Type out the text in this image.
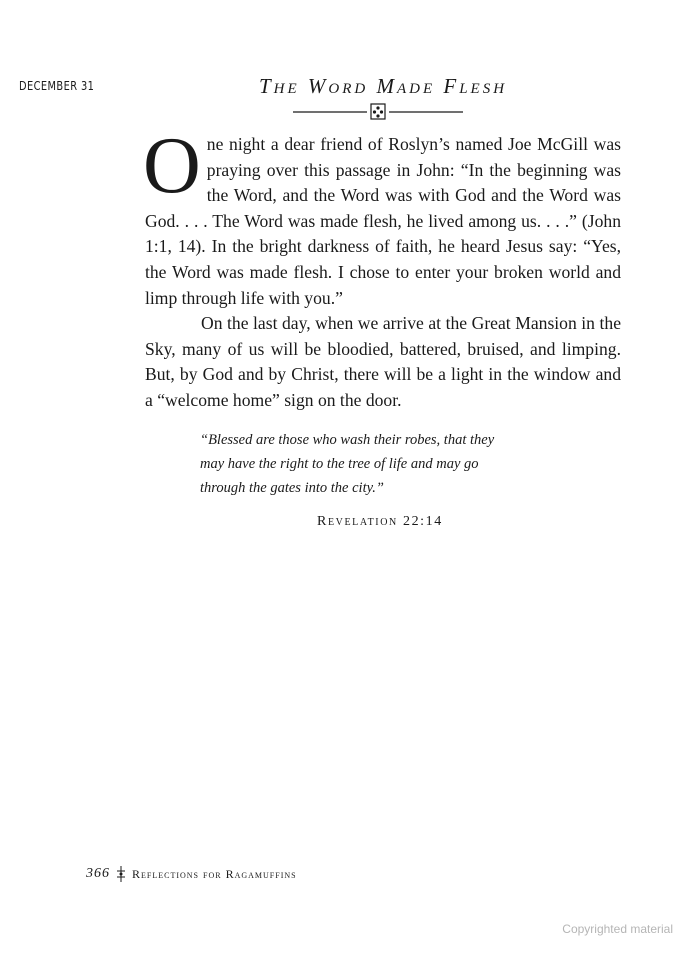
DECEMBER 31	The Word Made Flesh

One night a dear friend of Roslyn’s named Joe McGill was praying over this passage in John: “In the beginning was the Word, and the Word was with God and the Word was God. . . . The Word was made flesh, he lived among us. . . .” (John 1:1, 14). In the bright darkness of faith, he heard Jesus say: “Yes, the Word was made flesh. I chose to enter your broken world and limp through life with you.”

On the last day, when we arrive at the Great Mansion in the Sky, many of us will be bloodied, battered, bruised, and limping. But, by God and by Christ, there will be a light in the window and a “welcome home” sign on the door.

“Blessed are those who wash their robes, that they
may have the right to the tree of life and may go
through the gates into the city.”
Revelation 22:14
366 Reflections for Ragamuffins
Copyrighted material
